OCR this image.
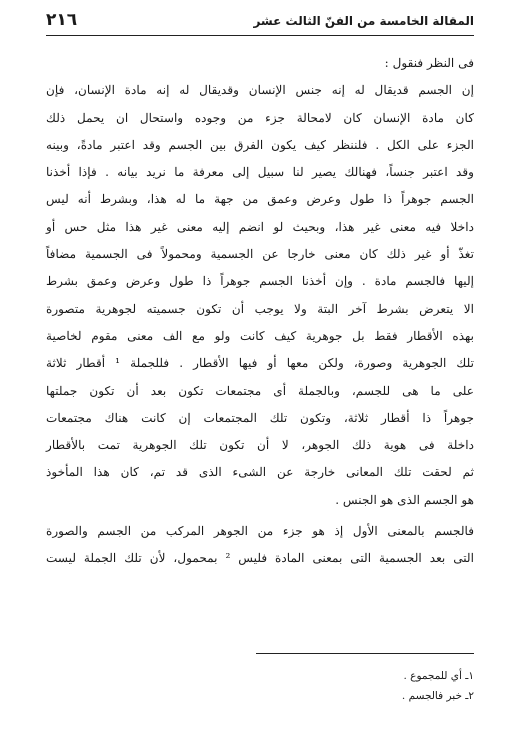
المقالة الخامسة من الفنّ الثالث عشر
٢١٦

فى النظر فنقول :
إن الجسم قديقال له إنه جنس الإنسان وقديقال له إنه مادة الإنسان، فإن
كان مادة الإنسان كان لامحالة جزء من وجوده واستحال ان يحمل ذلك
الجزء على الكل . فلننظر كيف يكون الفرق بين الجسم وقد اعتبر مادةً، وبينه
وقد اعتبر جنساً، فهنالك يصير لنا سبيل إلى معرفة ما نريد بيانه . فإذا أخذنا
الجسم جوهراً ذا طول وعرض وعمق من جهة ما له هذا، وبشرط أنه ليس
داخلا فيه معنى غير هذا، وبحيث لو انضم إليه معنى غير هذا مثل حس أو
تغذّ أو غير ذلك كان معنى خارجا عن الجسمية ومحمولاً فى الجسمية مضافاً
إليها فالجسم مادة . وإن أخذنا الجسم جوهراً ذا طول وعرض وعمق بشرط
الا يتعرض بشرط آخر البتة ولا يوجب أن تكون جسميته لجوهرية متصورة
بهذه الأقطار فقط بل جوهرية كيف كانت ولو مع الف معنى مقوم لخاصية
تلك الجوهرية وصورة، ولكن معها أو فيها الأقطار . فللجملة ¹ أقطار ثلاثة
على ما هى للجسم، وبالجملة أى مجتمعات تكون بعد أن تكون جملتها
جوهراً ذا أقطار ثلاثة، وتكون تلك المجتمعات إن كانت هناك مجتمعات
داخلة فى هوية ذلك الجوهر، لا أن تكون تلك الجوهرية تمت بالأقطار
ثم لحقت تلك المعانى خارجة عن الشىء الذى قد تم، كان هذا المأخوذ
هو الجسم الذى هو الجنس .

فالجسم بالمعنى الأول إذ هو جزء من الجوهر المركب من الجسم والصورة
التى بعد الجسمية التى بمعنى المادة فليس ² بمحمول، لأن تلك الجملة ليست

١ـ أي للمجموع .
٢ـ خبر فالجسم .
